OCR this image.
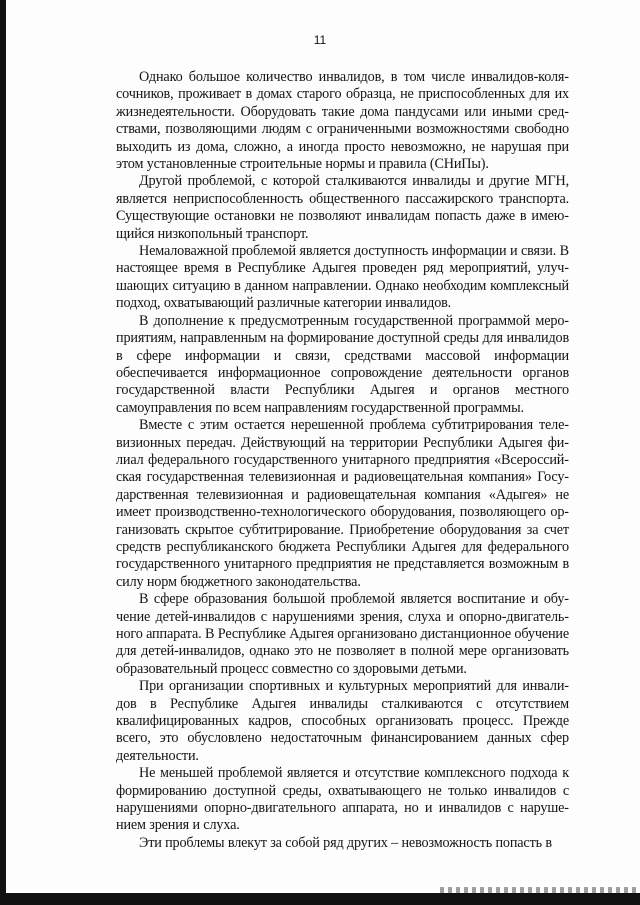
11

Однако большое количество инвалидов, в том числе инвалидов-колясочников, проживает в домах старого образца, не приспособленных для их жизнедеятельности. Оборудовать такие дома пандусами или иными средствами, позволяющими людям с ограниченными возможностями свободно выходить из дома, сложно, а иногда просто невозможно, не нарушая при этом установленные строительные нормы и правила (СНиПы).

Другой проблемой, с которой сталкиваются инвалиды и другие МГН, является неприспособленность общественного пассажирского транспорта. Существующие остановки не позволяют инвалидам попасть даже в имеющийся низкопольный транспорт.

Немаловажной проблемой является доступность информации и связи. В настоящее время в Республике Адыгея проведен ряд мероприятий, улучшающих ситуацию в данном направлении. Однако необходим комплексный подход, охватывающий различные категории инвалидов.

В дополнение к предусмотренным государственной программой мероприятиям, направленным на формирование доступной среды для инвалидов в сфере информации и связи, средствами массовой информации обеспечивается информационное сопровождение деятельности органов государственной власти Республики Адыгея и органов местного самоуправления по всем направлениям государственной программы.

Вместе с этим остается нерешенной проблема субтитрирования телевизионных передач. Действующий на территории Республики Адыгея филиал федерального государственного унитарного предприятия «Всероссийская государственная телевизионная и радиовещательная компания» Государственная телевизионная и радиовещательная компания «Адыгея» не имеет производственно-технологического оборудования, позволяющего организовать скрытое субтитрирование. Приобретение оборудования за счет средств республиканского бюджета Республики Адыгея для федерального государственного унитарного предприятия не представляется возможным в силу норм бюджетного законодательства.

В сфере образования большой проблемой является воспитание и обучение детей-инвалидов с нарушениями зрения, слуха и опорно-двигательного аппарата. В Республике Адыгея организовано дистанционное обучение для детей-инвалидов, однако это не позволяет в полной мере организовать образовательный процесс совместно со здоровыми детьми.

При организации спортивных и культурных мероприятий для инвалидов в Республике Адыгея инвалиды сталкиваются с отсутствием квалифицированных кадров, способных организовать процесс. Прежде всего, это обусловлено недостаточным финансированием данных сфер деятельности.

Не меньшей проблемой является и отсутствие комплексного подхода к формированию доступной среды, охватывающего не только инвалидов с нарушениями опорно-двигательного аппарата, но и инвалидов с нарушением зрения и слуха.

Эти проблемы влекут за собой ряд других – невозможность попасть в
